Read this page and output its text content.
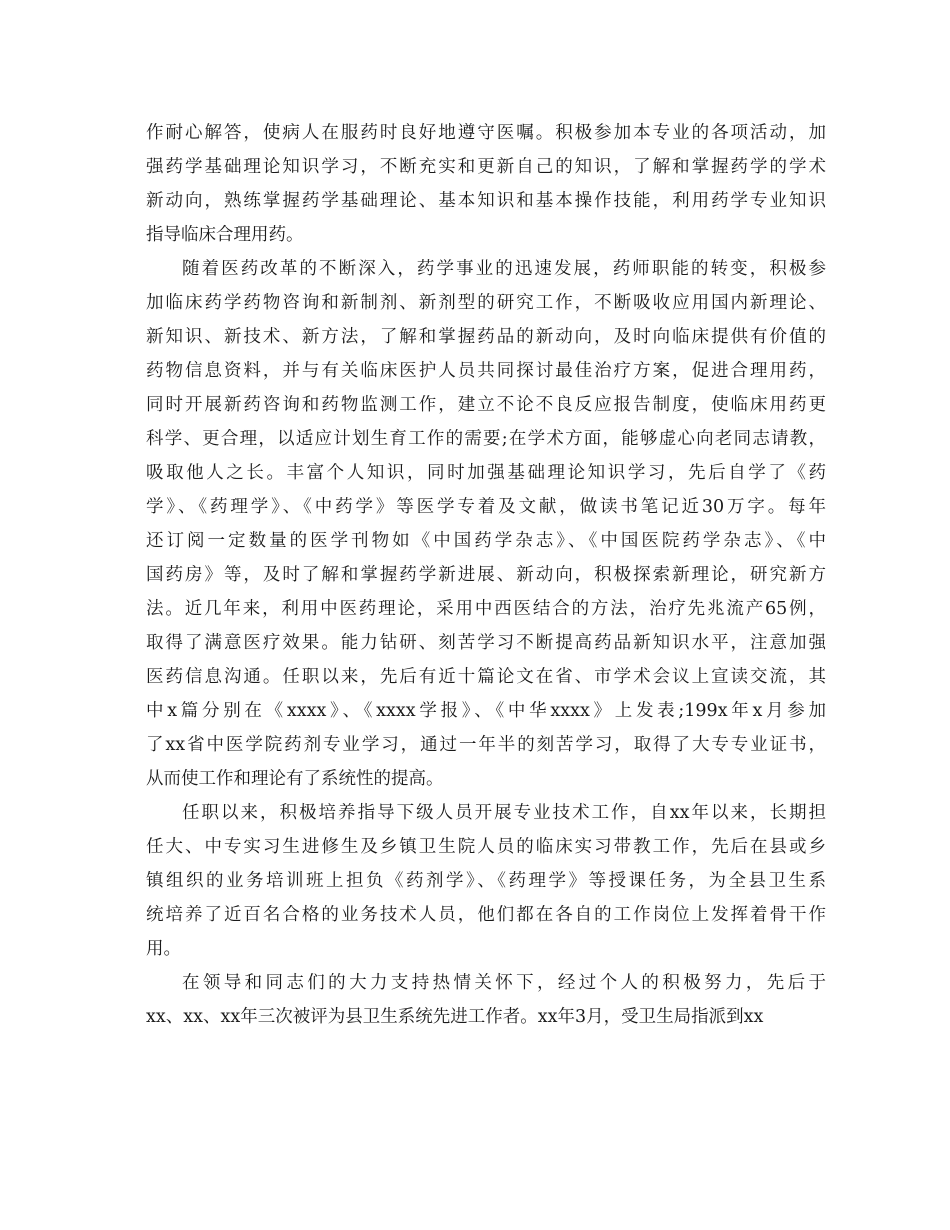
作耐心解答，使病人在服药时良好地遵守医嘱。积极参加本专业的各项活动，加
强药学基础理论知识学习，不断充实和更新自己的知识，了解和掌握药学的学术
新动向，熟练掌握药学基础理论、基本知识和基本操作技能，利用药学专业知识
指导临床合理用药。
随着医药改革的不断深入，药学事业的迅速发展，药师职能的转变，积极参
加临床药学药物咨询和新制剂、新剂型的研究工作，不断吸收应用国内新理论、
新知识、新技术、新方法，了解和掌握药品的新动向，及时向临床提供有价值的
药物信息资料，并与有关临床医护人员共同探讨最佳治疗方案，促进合理用药，
同时开展新药咨询和药物监测工作，建立不论不良反应报告制度，使临床用药更
科学、更合理，以适应计划生育工作的需要;在学术方面，能够虚心向老同志请教，
吸取他人之长。丰富个人知识，同时加强基础理论知识学习，先后自学了《药
学》、《药理学》、《中药学》等医学专着及文献，做读书笔记近30万字。每年
还订阅一定数量的医学刊物如《中国药学杂志》、《中国医院药学杂志》、《中
国药房》等，及时了解和掌握药学新进展、新动向，积极探索新理论，研究新方
法。近几年来，利用中医药理论，采用中西医结合的方法，治疗先兆流产65例，
取得了满意医疗效果。能力钻研、刻苦学习不断提高药品新知识水平，注意加强
医药信息沟通。任职以来，先后有近十篇论文在省、市学术会议上宣读交流，其
中x篇分别在《xxxx》、《xxxx学报》、《中华xxxx》上发表;199x年x月参加
了xx省中医学院药剂专业学习，通过一年半的刻苦学习，取得了大专专业证书，
从而使工作和理论有了系统性的提高。
任职以来，积极培养指导下级人员开展专业技术工作，自xx年以来，长期担
任大、中专实习生进修生及乡镇卫生院人员的临床实习带教工作，先后在县或乡
镇组织的业务培训班上担负《药剂学》、《药理学》等授课任务，为全县卫生系
统培养了近百名合格的业务技术人员，他们都在各自的工作岗位上发挥着骨干作
用。
在领导和同志们的大力支持热情关怀下，经过个人的积极努力，先后于
xx、xx、xx年三次被评为县卫生系统先进工作者。xx年3月，受卫生局指派到xx
